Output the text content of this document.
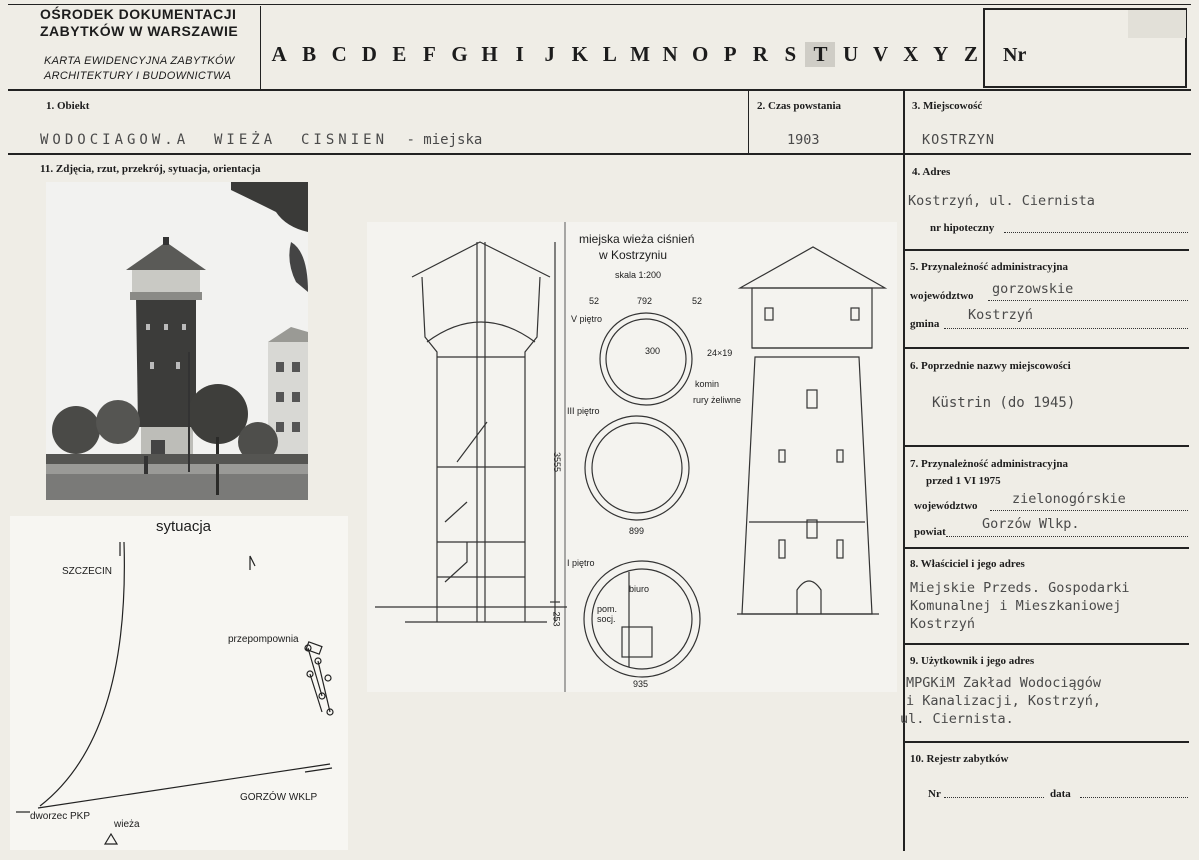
OŚRODEK DOKUMENTACJI
ZABYTKÓW W WARSZAWIE
KARTA EWIDENCYJNA ZABYTKÓW
ARCHITEKTURY I BUDOWNICTWA
A B C D E F G H I J K L M N O P R S T U V X Y Z	Nr
1. Obiekt
WODOCIAGOW.A  WIEŻA  CISNIEN - miejska
2. Czas powstania
1903
3. Miejscowość
KOSTRZYN
11. Zdjęcia, rzut, przekrój, sytuacja, orientacja	4. Adres
Kostrzyń, ul. Ciernista
nr hipoteczny
5. Przynależność administracyjna
województwo gorzowskie
gmina
Kostrzyń
6. Poprzednie nazwy miejscowości
Küstrin (do 1945)
7. Przynależność administracyjna
przed 1 VI 1975
województwo	zielonogórskie
powiat	Gorzów Wlkp.
8. Właściciel i jego adres
Miejskie Przeds. Gospodarki
Komunalnej i Mieszkaniowej
Kostrzyń
9. Użytkownik i jego adres
MPGKiM Zakład Wodociągów
i Kanalizacji, Kostrzyń,
ul. Ciernista.
10. Rejestr zabytków
Nr	data
miejska wieża ciśnień
w Kostrzyniu
skala 1:200
52	792	52
V piętro
300	24×19
komin
rury żeliwne
III piętro
3555
899
I piętro
biuro
pom.
socj.
253
935
sytuacja
SZCZECIN
przepompownia
GORZÓW WKLP
dworzec PKP
wieża
